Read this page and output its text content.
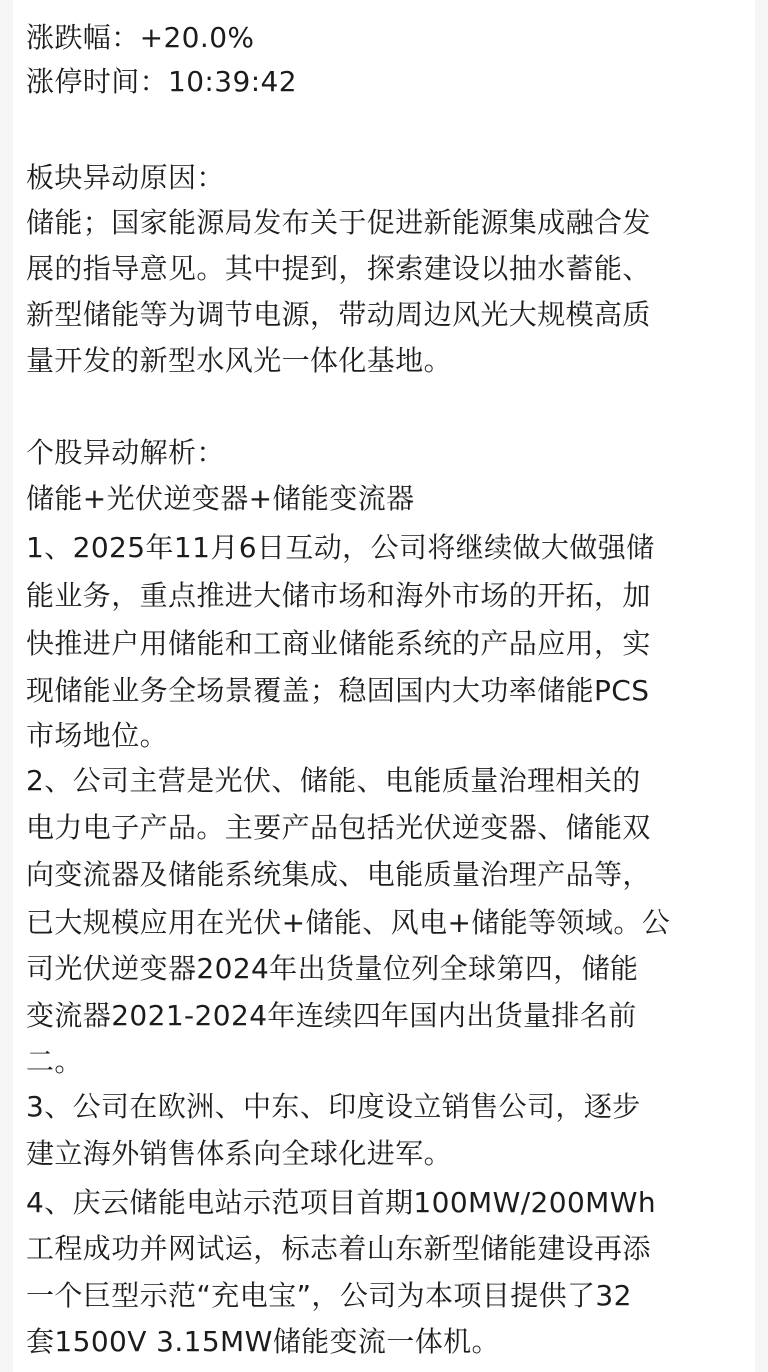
涨跌幅：+20.0%
涨停时间：10:39:42
板块异动原因：
储能；国家能源局发布关于促进新能源集成融合发
展的指导意见。其中提到，探索建设以抽水蓄能、
新型储能等为调节电源，带动周边风光大规模高质
量开发的新型水风光一体化基地。
个股异动解析：
储能+光伏逆变器+储能变流器
1、2025年11月6日互动，公司将继续做大做强储
能业务，重点推进大储市场和海外市场的开拓，加
快推进户用储能和工商业储能系统的产品应用，实
现储能业务全场景覆盖；稳固国内大功率储能PCS
市场地位。
2、公司主营是光伏、储能、电能质量治理相关的
电力电子产品。主要产品包括光伏逆变器、储能双
向变流器及储能系统集成、电能质量治理产品等，
已大规模应用在光伏+储能、风电+储能等领域。公
司光伏逆变器2024年出货量位列全球第四，储能
变流器2021-2024年连续四年国内出货量排名前
二。
3、公司在欧洲、中东、印度设立销售公司，逐步
建立海外销售体系向全球化进军。
4、庆云储能电站示范项目首期100MW/200MWh
工程成功并网试运，标志着山东新型储能建设再添
一个巨型示范“充电宝”，公司为本项目提供了32
套1500V 3.15MW储能变流一体机。
